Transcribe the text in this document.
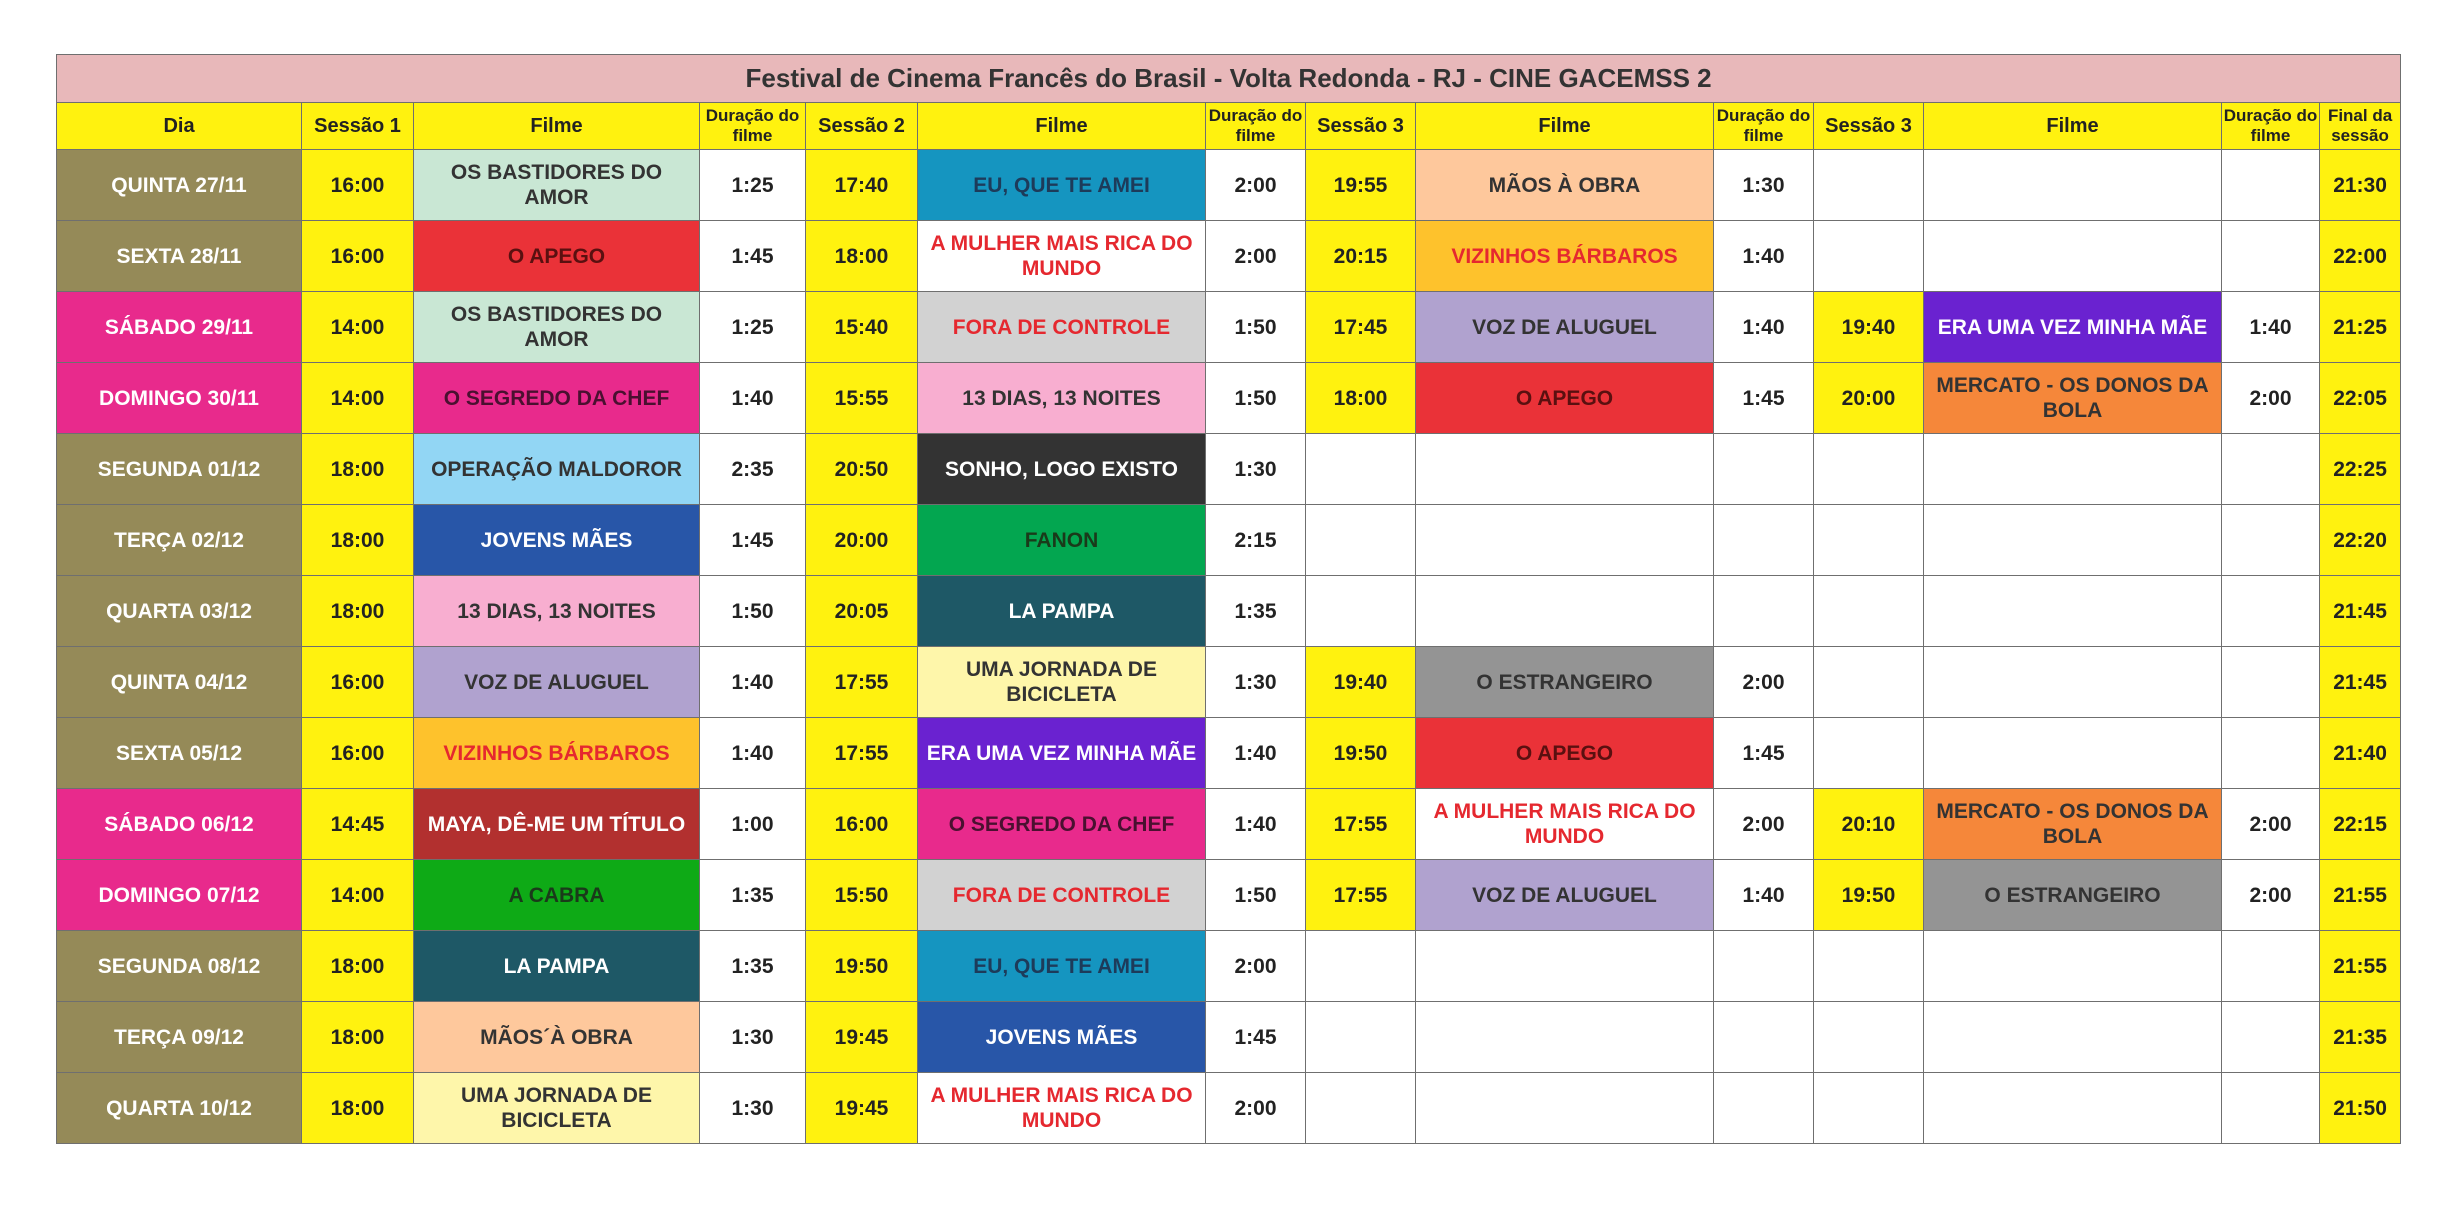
Festival de Cinema Francês do Brasil - Volta Redonda - RJ - CINE GACEMSS 2													
Dia	Sessão 1	Filme	Duração do filme	Sessão 2	Filme	Duração do filme	Sessão 3	Filme	Duração do filme	Sessão 3	Filme	Duração do filme	Final da sessão
QUINTA 27/11	16:00	OS BASTIDORES DO AMOR	1:25	17:40	EU, QUE TE AMEI	2:00	19:55	MÃOS À OBRA	1:30				21:30
SEXTA 28/11	16:00	O APEGO	1:45	18:00	A MULHER MAIS RICA DO MUNDO	2:00	20:15	VIZINHOS BÁRBAROS	1:40				22:00
SÁBADO 29/11	14:00	OS BASTIDORES DO AMOR	1:25	15:40	FORA DE CONTROLE	1:50	17:45	VOZ DE ALUGUEL	1:40	19:40	ERA UMA VEZ MINHA MÃE	1:40	21:25
DOMINGO 30/11	14:00	O SEGREDO DA CHEF	1:40	15:55	13 DIAS, 13 NOITES	1:50	18:00	O APEGO	1:45	20:00	MERCATO - OS DONOS DA BOLA	2:00	22:05
SEGUNDA 01/12	18:00	OPERAÇÃO MALDOROR	2:35	20:50	SONHO, LOGO EXISTO	1:30							22:25
TERÇA 02/12	18:00	JOVENS MÃES	1:45	20:00	FANON	2:15							22:20
QUARTA 03/12	18:00	13 DIAS, 13 NOITES	1:50	20:05	LA PAMPA	1:35							21:45
QUINTA 04/12	16:00	VOZ DE ALUGUEL	1:40	17:55	UMA JORNADA DE BICICLETA	1:30	19:40	O ESTRANGEIRO	2:00				21:45
SEXTA 05/12	16:00	VIZINHOS BÁRBAROS	1:40	17:55	ERA UMA VEZ MINHA MÃE	1:40	19:50	O APEGO	1:45				21:40
SÁBADO 06/12	14:45	MAYA, DÊ-ME UM TÍTULO	1:00	16:00	O SEGREDO DA CHEF	1:40	17:55	A MULHER MAIS RICA DO MUNDO	2:00	20:10	MERCATO - OS DONOS DA BOLA	2:00	22:15
DOMINGO 07/12	14:00	A CABRA	1:35	15:50	FORA DE CONTROLE	1:50	17:55	VOZ DE ALUGUEL	1:40	19:50	O ESTRANGEIRO	2:00	21:55
SEGUNDA 08/12	18:00	LA PAMPA	1:35	19:50	EU, QUE TE AMEI	2:00							21:55
TERÇA 09/12	18:00	MÃOS´À OBRA	1:30	19:45	JOVENS MÃES	1:45							21:35
QUARTA 10/12	18:00	UMA JORNADA DE BICICLETA	1:30	19:45	A MULHER MAIS RICA DO MUNDO	2:00							21:50
